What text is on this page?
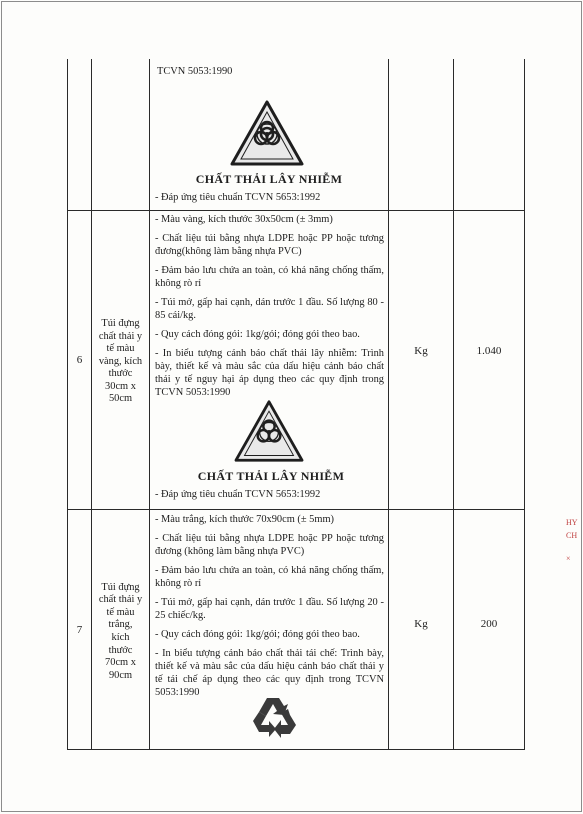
TCVN 5053:1990
CHẤT THẢI LÂY NHIỄM
- Đáp ứng tiêu chuẩn TCVN 5653:1992
6
Túi đựng
chất thải y
tế màu
vàng, kích
thước
30cm x
50cm

- Màu vàng, kích thước 30x50cm (± 3mm)

- Chất liệu túi bằng nhựa LDPE hoặc PP hoặc tương đương(không làm bằng nhựa PVC)

- Đảm bảo lưu chứa an toàn, có khả năng chống thấm, không rò rỉ

- Túi mở, gấp hai cạnh, dán trước 1 đầu. Số lượng 80 - 85 cái/kg.

- Quy cách đóng gói: 1kg/gói; đóng gói theo bao.

- In biểu tượng cảnh báo chất thải lây nhiễm: Trình bày, thiết kế và màu sắc của dấu hiệu cảnh báo chất thải y tế nguy hại áp dụng theo các quy định trong TCVN 5053:1990

CHẤT THẢI LÂY NHIỄM
- Đáp ứng tiêu chuẩn TCVN 5653:1992
Kg	1.040
7
Túi đựng
chất thải y
tế màu
trắng,
kích
thước
70cm x
90cm

- Màu trắng, kích thước 70x90cm (± 5mm)

- Chất liệu túi bằng nhựa LDPE hoặc PP hoặc tương đương (không làm bằng nhựa PVC)

- Đảm bảo lưu chứa an toàn, có khả năng chống thấm, không rò rỉ

- Túi mở, gấp hai cạnh, dán trước 1 đầu. Số lượng 20 - 25 chiếc/kg.

- Quy cách đóng gói: 1kg/gói; đóng gói theo bao.

- In biểu tượng cảnh báo chất thải tái chế: Trình bày, thiết kế và màu sắc của dấu hiệu cảnh báo chất thải y tế tái chế áp dụng theo các quy định trong TCVN 5053:1990

Kg	200
HY
CH
×
